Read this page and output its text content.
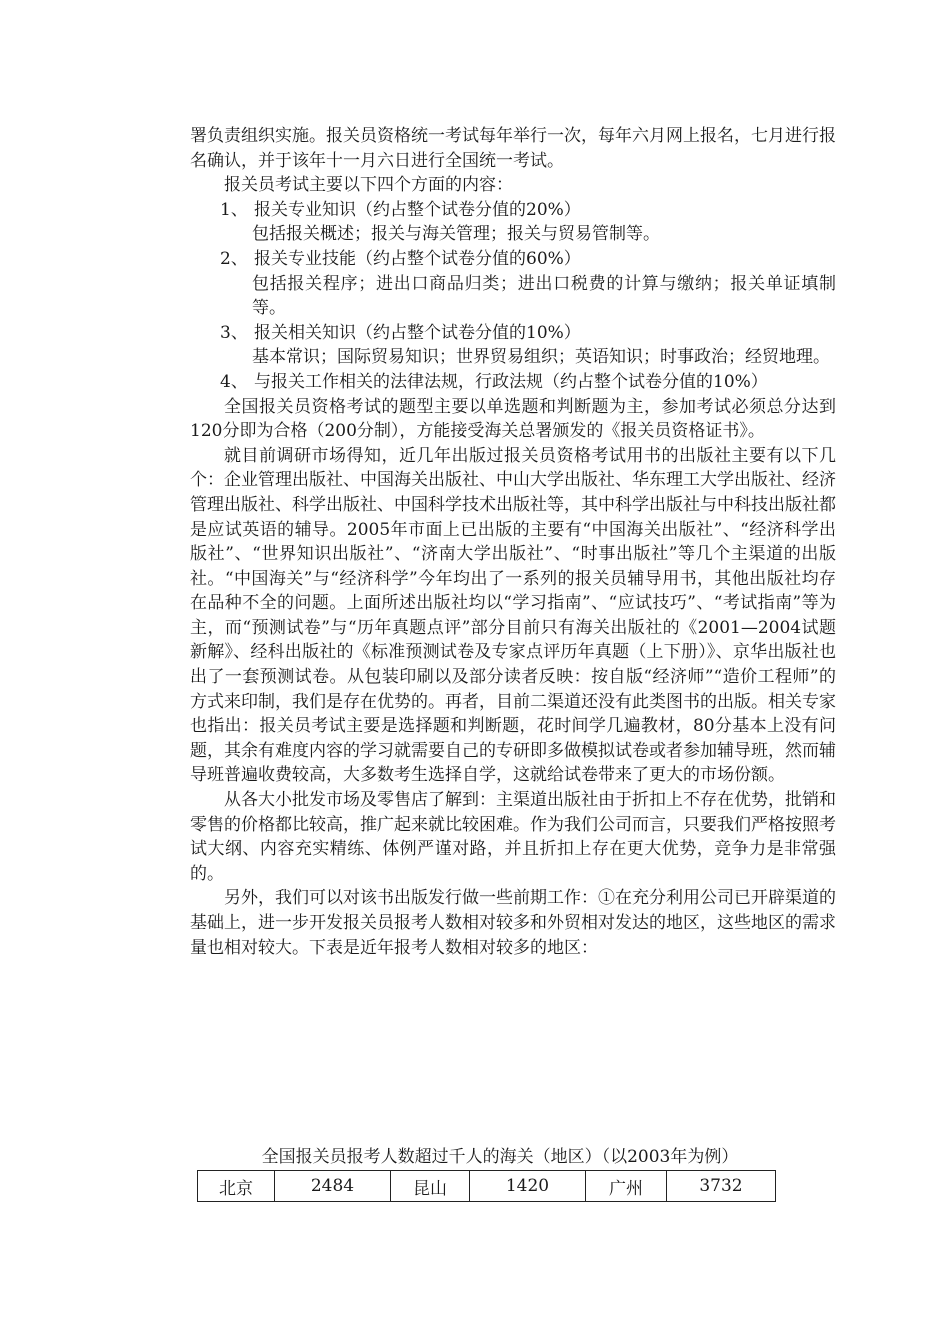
署负责组织实施。报关员资格统一考试每年举行一次，每年六月网上报名，七月进行报名确认，并于该年十一月六日进行全国统一考试。

报关员考试主要以下四个方面的内容：

1、 报关专业知识（约占整个试卷分值的20%）

包括报关概述；报关与海关管理；报关与贸易管制等。

2、 报关专业技能（约占整个试卷分值的60%）

包括报关程序；进出口商品归类；进出口税费的计算与缴纳；报关单证填制等。

3、 报关相关知识（约占整个试卷分值的10%）

基本常识；国际贸易知识；世界贸易组织；英语知识；时事政治；经贸地理。

4、 与报关工作相关的法律法规，行政法规（约占整个试卷分值的10%）

全国报关员资格考试的题型主要以单选题和判断题为主，参加考试必须总分达到120分即为合格（200分制），方能接受海关总署颁发的《报关员资格证书》。

就目前调研市场得知，近几年出版过报关员资格考试用书的出版社主要有以下几个：企业管理出版社、中国海关出版社、中山大学出版社、华东理工大学出版社、经济管理出版社、科学出版社、中国科学技术出版社等，其中科学出版社与中科技出版社都是应试英语的辅导。2005年市面上已出版的主要有“中国海关出版社”、“经济科学出版社”、“世界知识出版社”、“济南大学出版社”、“时事出版社”等几个主渠道的出版社。“中国海关”与“经济科学”今年均出了一系列的报关员辅导用书，其他出版社均存在品种不全的问题。上面所述出版社均以“学习指南”、“应试技巧”、“考试指南”等为主，而“预测试卷”与“历年真题点评”部分目前只有海关出版社的《2001—2004试题新解》、经科出版社的《标准预测试卷及专家点评历年真题（上下册）》、京华出版社也出了一套预测试卷。从包装印刷以及部分读者反映：按自版“经济师”“造价工程师”的方式来印制，我们是存在优势的。再者，目前二渠道还没有此类图书的出版。相关专家也指出：报关员考试主要是选择题和判断题，花时间学几遍教材，80分基本上没有问题，其余有难度内容的学习就需要自己的专研即多做模拟试卷或者参加辅导班，然而辅导班普遍收费较高，大多数考生选择自学，这就给试卷带来了更大的市场份额。

从各大小批发市场及零售店了解到：主渠道出版社由于折扣上不存在优势，批销和零售的价格都比较高，推广起来就比较困难。作为我们公司而言，只要我们严格按照考试大纲、内容充实精练、体例严谨对路，并且折扣上存在更大优势，竞争力是非常强的。

另外，我们可以对该书出版发行做一些前期工作：①在充分利用公司已开辟渠道的基础上，进一步开发报关员报考人数相对较多和外贸相对发达的地区，这些地区的需求量也相对较大。下表是近年报考人数相对较多的地区：

全国报关员报考人数超过千人的海关（地区）（以2003年为例）
北京	2484	昆山	1420	广州	3732
